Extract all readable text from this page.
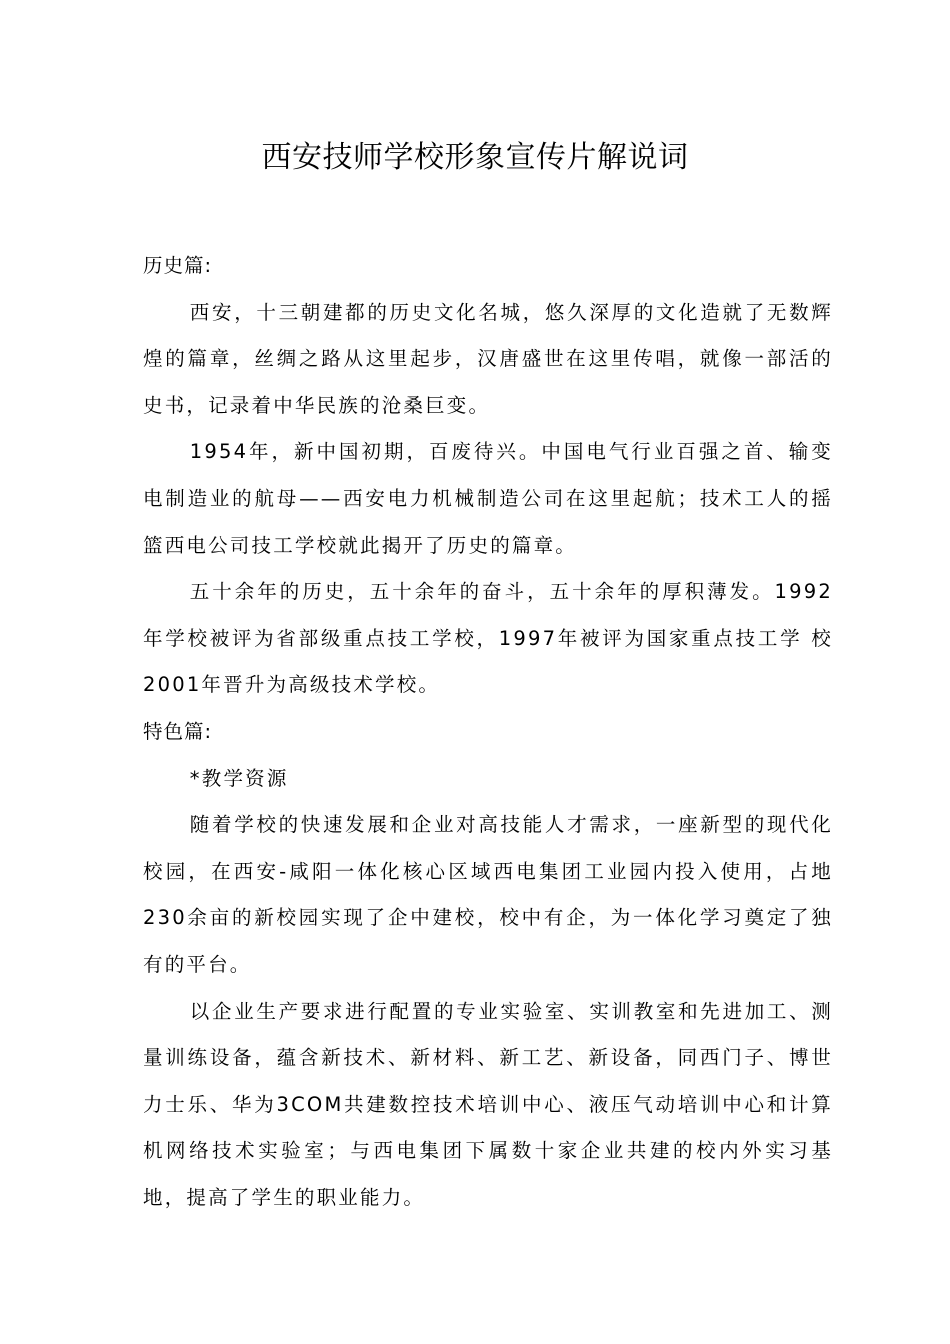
西安技师学校形象宣传片解说词

历史篇:

西安，十三朝建都的历史文化名城，悠久深厚的文化造就了无数辉煌的篇章，丝绸之路从这里起步，汉唐盛世在这里传唱，就像一部活的史书，记录着中华民族的沧桑巨变。

1954年，新中国初期，百废待兴。中国电气行业百强之首、输变电制造业的航母——西安电力机械制造公司在这里起航；技术工人的摇篮西电公司技工学校就此揭开了历史的篇章。

五十余年的历史，五十余年的奋斗，五十余年的厚积薄发。1992年学校被评为省部级重点技工学校，1997年被评为国家重点技工学 校2001年晋升为高级技术学校。

特色篇:

*教学资源

随着学校的快速发展和企业对高技能人才需求，一座新型的现代化校园，在西安-咸阳一体化核心区域西电集团工业园内投入使用，占地230余亩的新校园实现了企中建校，校中有企，为一体化学习奠定了独有的平台。

以企业生产要求进行配置的专业实验室、实训教室和先进加工、测量训练设备，蕴含新技术、新材料、新工艺、新设备，同西门子、博世力士乐、华为3COM共建数控技术培训中心、液压气动培训中心和计算机网络技术实验室；与西电集团下属数十家企业共建的校内外实习基地，提高了学生的职业能力。
